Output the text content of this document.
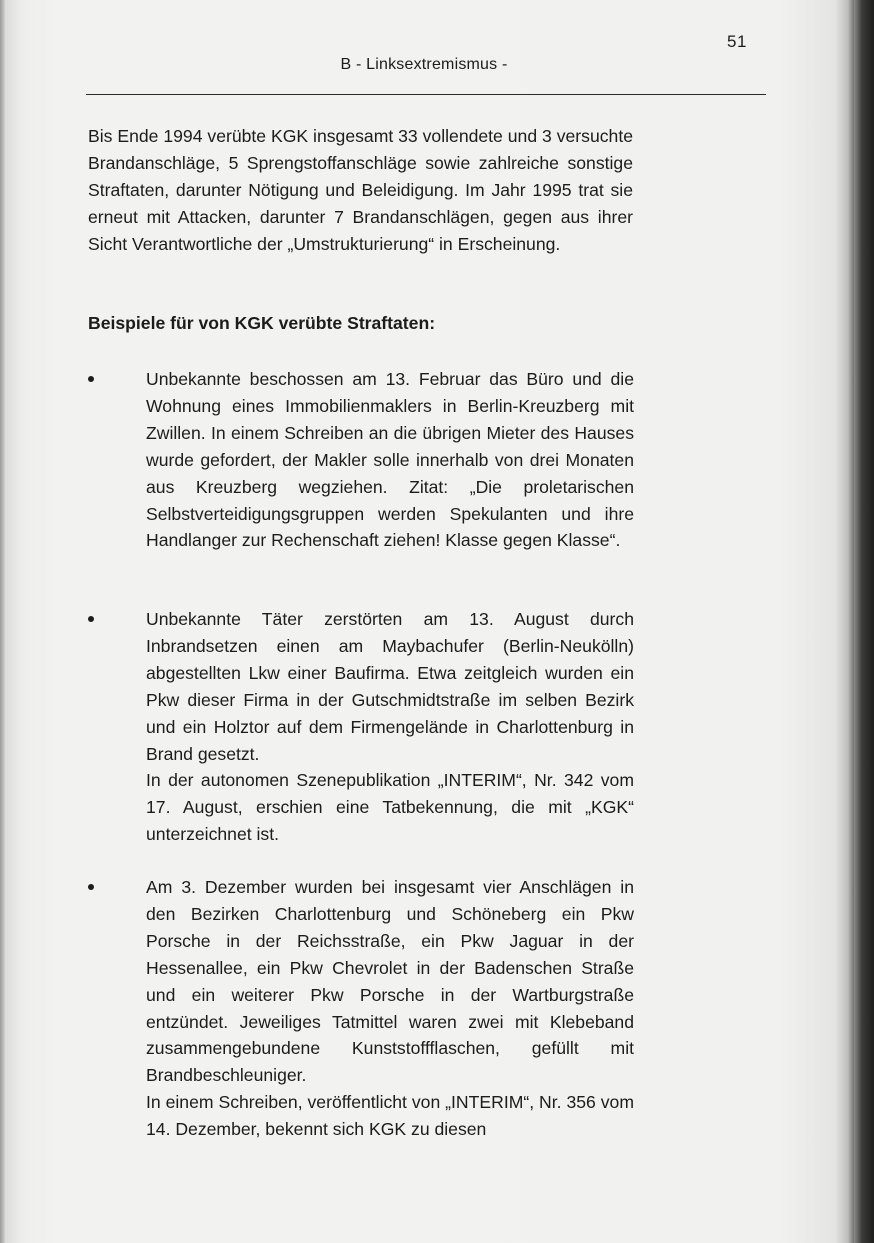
51
B - Linksextremismus -
Bis Ende 1994 verübte KGK insgesamt 33 vollendete und 3 versuchte Brandanschläge, 5 Sprengstoffanschläge sowie zahlreiche sonstige Straftaten, darunter Nötigung und Beleidigung. Im Jahr 1995 trat sie erneut mit Attacken, darunter 7 Brandanschlägen, gegen aus ihrer Sicht Verantwortliche der „Umstrukturierung“ in Erscheinung.
Beispiele für von KGK verübte Straftaten:

Unbekannte beschossen am 13. Februar das Büro und die Wohnung eines Immobilienmaklers in Berlin-Kreuzberg mit Zwillen. In einem Schreiben an die übrigen Mieter des Hauses wurde gefordert, der Makler solle innerhalb von drei Monaten aus Kreuzberg wegziehen. Zitat: „Die proletarischen Selbstverteidigungsgruppen werden Spekulanten und ihre Handlanger zur Rechenschaft ziehen! Klasse gegen Klasse“.

Unbekannte Täter zerstörten am 13. August durch Inbrandsetzen einen am Maybachufer (Berlin-Neukölln) abgestellten Lkw einer Baufirma. Etwa zeitgleich wurden ein Pkw dieser Firma in der Gutschmidtstraße im selben Bezirk und ein Holztor auf dem Firmengelände in Charlottenburg in Brand gesetzt.

In der autonomen Szenepublikation „INTERIM“, Nr. 342 vom 17. August, erschien eine Tatbekennung, die mit „KGK“ unterzeichnet ist.

Am 3. Dezember wurden bei insgesamt vier Anschlägen in den Bezirken Charlottenburg und Schöneberg ein Pkw Porsche in der Reichsstraße, ein Pkw Jaguar in der Hessenallee, ein Pkw Chevrolet in der Badenschen Straße und ein weiterer Pkw Porsche in der Wartburgstraße entzündet. Jeweiliges Tatmittel waren zwei mit Klebeband zusammengebundene Kunststoffflaschen, gefüllt mit Brandbeschleuniger.

In einem Schreiben, veröffentlicht von „INTERIM“, Nr. 356 vom 14. Dezember, bekennt sich KGK zu diesen
